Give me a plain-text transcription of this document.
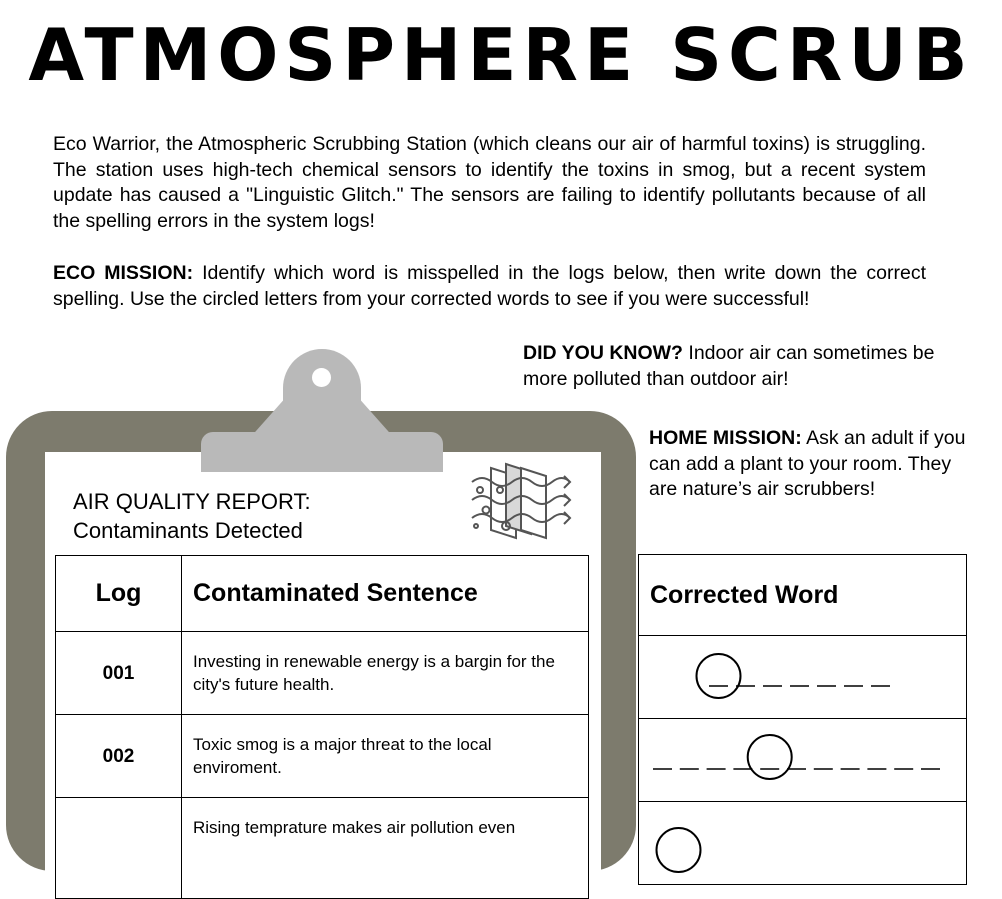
ATMOSPHERE SCRUB

Eco Warrior, the Atmospheric Scrubbing Station (which cleans our air of harmful toxins) is struggling. The station uses high-tech chemical sensors to identify the toxins in smog, but a recent system update has caused a "Linguistic Glitch." The sensors are failing to identify pollutants because of all the spelling errors in the system logs!

ECO MISSION: Identify which word is misspelled in the logs below, then write down the correct spelling. Use the circled letters from your corrected words to see if you were successful!

DID YOU KNOW? Indoor air can sometimes be more polluted than outdoor air!

HOME MISSION: Ask an adult if you can add a plant to your room. They are nature’s air scrubbers!

AIR QUALITY REPORT:
Contaminants Detected

Log	Contaminated Sentence
001	Investing in renewable energy is a bargin for the city's future health.
002	Toxic smog is a major threat to the local enviroment.
	Rising temprature makes air pollution even
Corrected Word
